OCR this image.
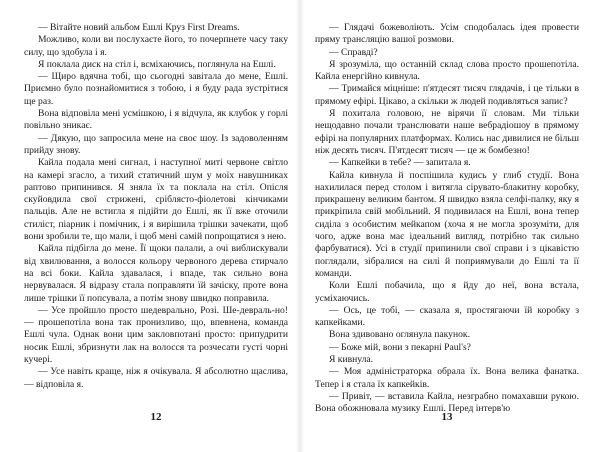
— Вітайте новий альбом Ешлі Круз First Dreams.

Можливо, коли ви послухаєте його, то почерпнете часу таку силу, що здобула і я.

Я поклала диск на стіл і, всміхаючись, поглянула на Ешлі.

— Щиро вдячна тобі, що сьогодні завітала до мене, Ешлі. Приємно було познайомитися з тобою, і я буду рада зустрітися ще раз.

Вона відповіла мені усмішкою, і я відчула, як клубок у горлі повільно зникає.

— Дякую, що запросила мене на своє шоу. Із задоволенням прийду знову.

Кайла подала мені сигнал, і наступної миті червоне світло на камері згасло, а тихий статичний шум у моїх навушниках раптово припинився. Я зняла їх та поклала на стіл. Опісля скуйовдила свої стрижені, сріблясто-фіолетові кінчиками пальців. Але не встигла я підійти до Ешлі, як її вже оточили стиліст, піарник і помічник, і я вирішила трішки зачекати, щоб вони зробили те, що мали, і щоб мені самій попрощатися з нею.

Кайла підбігла до мене. Її щоки палали, а очі виблискували від хвилювання, а волосся кольору червоного дерева стирчало на всі боки. Кайла здавалася, і впаде, так сильно вона нервувалася. Я відразу стала поправляти їй зачіску, проте вона лише трішки її попсувала, а потім знову швидко поправила.

— Усе пройшло просто шедеврально, Розі. Ше-девраль-но! — прошепотіла вона так пронизливо, що, впевнена, команда Ешлі чула. Однак вони цим закловпотані просто: припудрити носик Ешлі, збризнути лак на волосся та розчесати густі чорні кучері.

— Усе навіть краще, ніж я очікувала. Я абсолютно щаслива, — відповіла я.

— Глядачі божеволіють. Усім сподобалась ідея провести пряму трансляцію вашої розмови.

— Справді?

Я зрозуміла, що останній склад слова просто прошепотіла. Кайла енергійно кивнула.

— Тримайся міцніше: п'ятдесят тисяч глядачів, і це тільки в прямому ефірі. Цікаво, а скільки ж людей подивляться запис?

Я похитала головою, не вірячи її словам. Ми тільки нещодавно почали транслювати наше вебрадіошоу в прямому ефірі на популярних платформах. Колись нас дивилися не більш ніж десять тисяч. П'ятдесят тисяч — це ж бомбезно!

— Капкейки в тебе? — запитала я.

Кайла кивнула й поспішила кудись у глиб студії. Вона нахилилася перед столом і витягла сірувато-блакитну коробку, прикрашену великим бантом. Я швидко взяла селфі-палку, яку я прикріпила свій мобільний. Я подивилася на Ешлі, вона тепер сиділа з особистим мейкапом (хоча я не могла зрозуміти, для чого, адже вона має ідеальний вигляд, потрібно так сильно фарбуватися). Усі в студії припинили свої справи і з цікавістю поглядали, зібралися на силі й поприямували до Ешлі та її команди.

Коли Ешлі побачила, що я йду до неї, вона встала, усміхаючись.

— Ось, це тобі, — сказала я, простягаючи їй коробку з капкейками.

Вона здивовано оглянула пакунок.

— Боже мій, вони з пекарні Paul's?

Я кивнула.

— Моя адміністраторка обрала їх. Вона велика фанатка. Тепер і я стала їх капкейків.

— Привіт, — вставила Кайла, незграбно помахавши рукою. Вона обожнювала музику Ешлі. Перед інтерв'ю

12	13
